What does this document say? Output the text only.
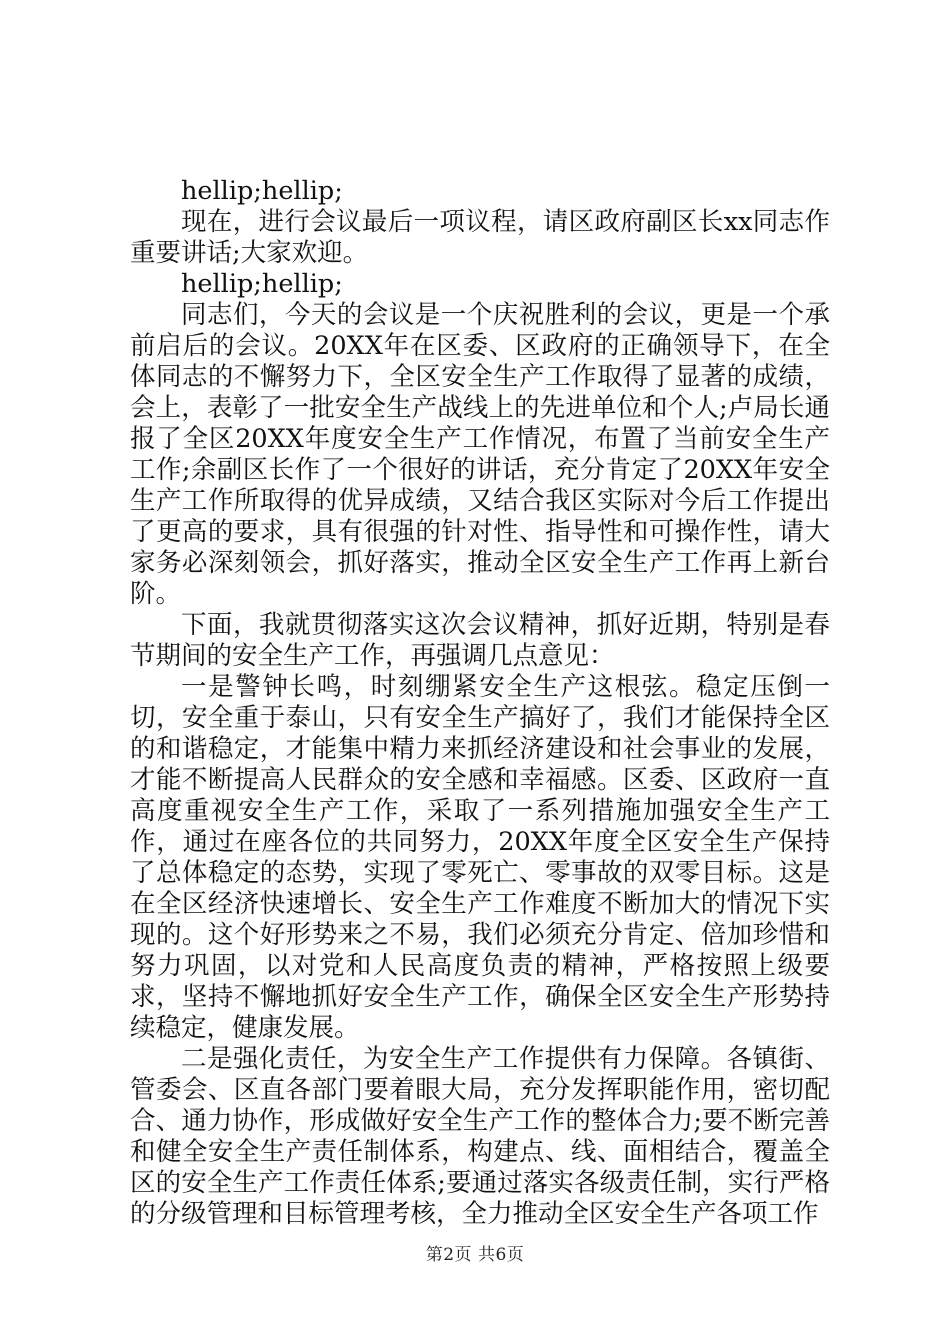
hellip;hellip;

现在，进行会议最后一项议程，请区政府副区长xx同志作重要讲话;大家欢迎。

hellip;hellip;

同志们，今天的会议是一个庆祝胜利的会议，更是一个承前启后的会议。20XX年在区委、区政府的正确领导下，在全体同志的不懈努力下，全区安全生产工作取得了显著的成绩，会上，表彰了一批安全生产战线上的先进单位和个人;卢局长通报了全区20XX年度安全生产工作情况，布置了当前安全生产工作;余副区长作了一个很好的讲话，充分肯定了20XX年安全生产工作所取得的优异成绩，又结合我区实际对今后工作提出了更高的要求，具有很强的针对性、指导性和可操作性，请大家务必深刻领会，抓好落实，推动全区安全生产工作再上新台阶。

下面，我就贯彻落实这次会议精神，抓好近期，特别是春节期间的安全生产工作，再强调几点意见：

一是警钟长鸣，时刻绷紧安全生产这根弦。稳定压倒一切，安全重于泰山，只有安全生产搞好了，我们才能保持全区的和谐稳定，才能集中精力来抓经济建设和社会事业的发展，才能不断提高人民群众的安全感和幸福感。区委、区政府一直高度重视安全生产工作，采取了一系列措施加强安全生产工作，通过在座各位的共同努力，20XX年度全区安全生产保持了总体稳定的态势，实现了零死亡、零事故的双零目标。这是在全区经济快速增长、安全生产工作难度不断加大的情况下实现的。这个好形势来之不易，我们必须充分肯定、倍加珍惜和努力巩固，以对党和人民高度负责的精神，严格按照上级要求，坚持不懈地抓好安全生产工作，确保全区安全生产形势持续稳定，健康发展。

二是强化责任，为安全生产工作提供有力保障。各镇街、管委会、区直各部门要着眼大局，充分发挥职能作用，密切配合、通力协作，形成做好安全生产工作的整体合力;要不断完善和健全安全生产责任制体系，构建点、线、面相结合，覆盖全区的安全生产工作责任体系;要通过落实各级责任制，实行严格的分级管理和目标管理考核，全力推动全区安全生产各项工作

第2页 共6页
